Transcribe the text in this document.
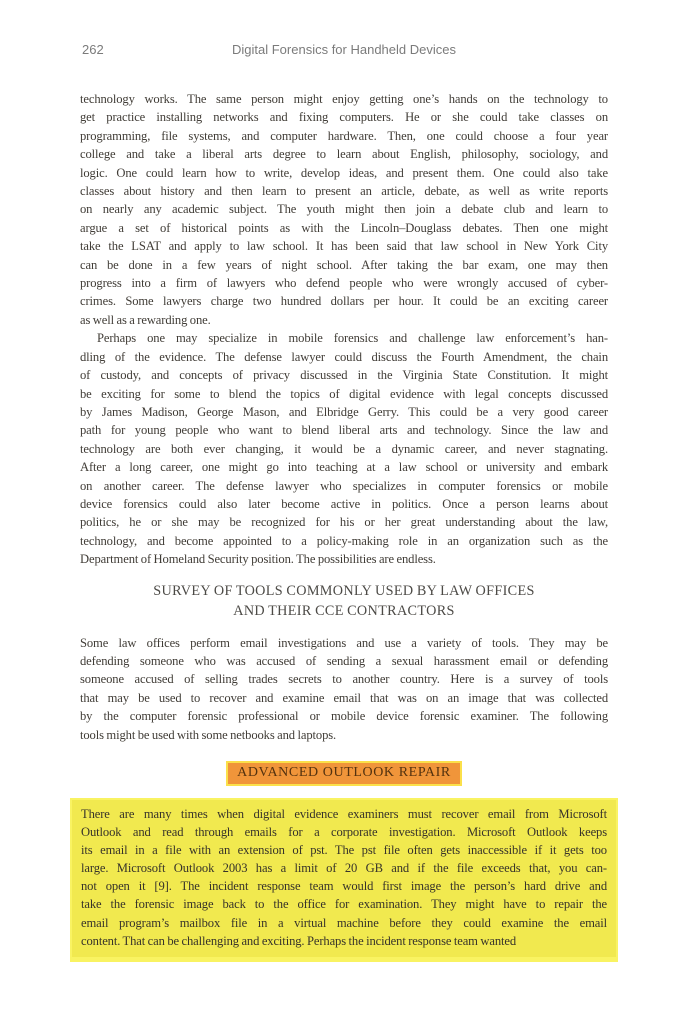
262	Digital Forensics for Handheld Devices
technology works. The same person might enjoy getting one’s hands on the technology to
get practice installing networks and fixing computers. He or she could take classes on
programming, file systems, and computer hardware. Then, one could choose a four year
college and take a liberal arts degree to learn about English, philosophy, sociology, and
logic. One could learn how to write, develop ideas, and present them. One could also take
classes about history and then learn to present an article, debate, as well as write reports
on nearly any academic subject. The youth might then join a debate club and learn to
argue a set of historical points as with the Lincoln–Douglass debates. Then one might
take the LSAT and apply to law school. It has been said that law school in New York City
can be done in a few years of night school. After taking the bar exam, one may then
progress into a firm of lawyers who defend people who were wrongly accused of cyber-
crimes. Some lawyers charge two hundred dollars per hour. It could be an exciting career
as well as a rewarding one.
Perhaps one may specialize in mobile forensics and challenge law enforcement’s han-
dling of the evidence. The defense lawyer could discuss the Fourth Amendment, the chain
of custody, and concepts of privacy discussed in the Virginia State Constitution. It might
be exciting for some to blend the topics of digital evidence with legal concepts discussed
by James Madison, George Mason, and Elbridge Gerry. This could be a very good career
path for young people who want to blend liberal arts and technology. Since the law and
technology are both ever changing, it would be a dynamic career, and never stagnating.
After a long career, one might go into teaching at a law school or university and embark
on another career. The defense lawyer who specializes in computer forensics or mobile
device forensics could also later become active in politics. Once a person learns about
politics, he or she may be recognized for his or her great understanding about the law,
technology, and become appointed to a policy-making role in an organization such as the
Department of Homeland Security position. The possibilities are endless.
SURVEY OF TOOLS COMMONLY USED BY LAW OFFICES
AND THEIR CCE CONTRACTORS
Some law offices perform email investigations and use a variety of tools. They may be
defending someone who was accused of sending a sexual harassment email or defending
someone accused of selling trades secrets to another country. Here is a survey of tools
that may be used to recover and examine email that was on an image that was collected
by the computer forensic professional or mobile device forensic examiner. The following
tools might be used with some netbooks and laptops.
ADVANCED OUTLOOK REPAIR
There are many times when digital evidence examiners must recover email from Microsoft
Outlook and read through emails for a corporate investigation. Microsoft Outlook keeps
its email in a file with an extension of pst. The pst file often gets inaccessible if it gets too
large. Microsoft Outlook 2003 has a limit of 20 GB and if the file exceeds that, you can-
not open it [9]. The incident response team would first image the person’s hard drive and
take the forensic image back to the office for examination. They might have to repair the
email program’s mailbox file in a virtual machine before they could examine the email
content. That can be challenging and exciting. Perhaps the incident response team wanted
